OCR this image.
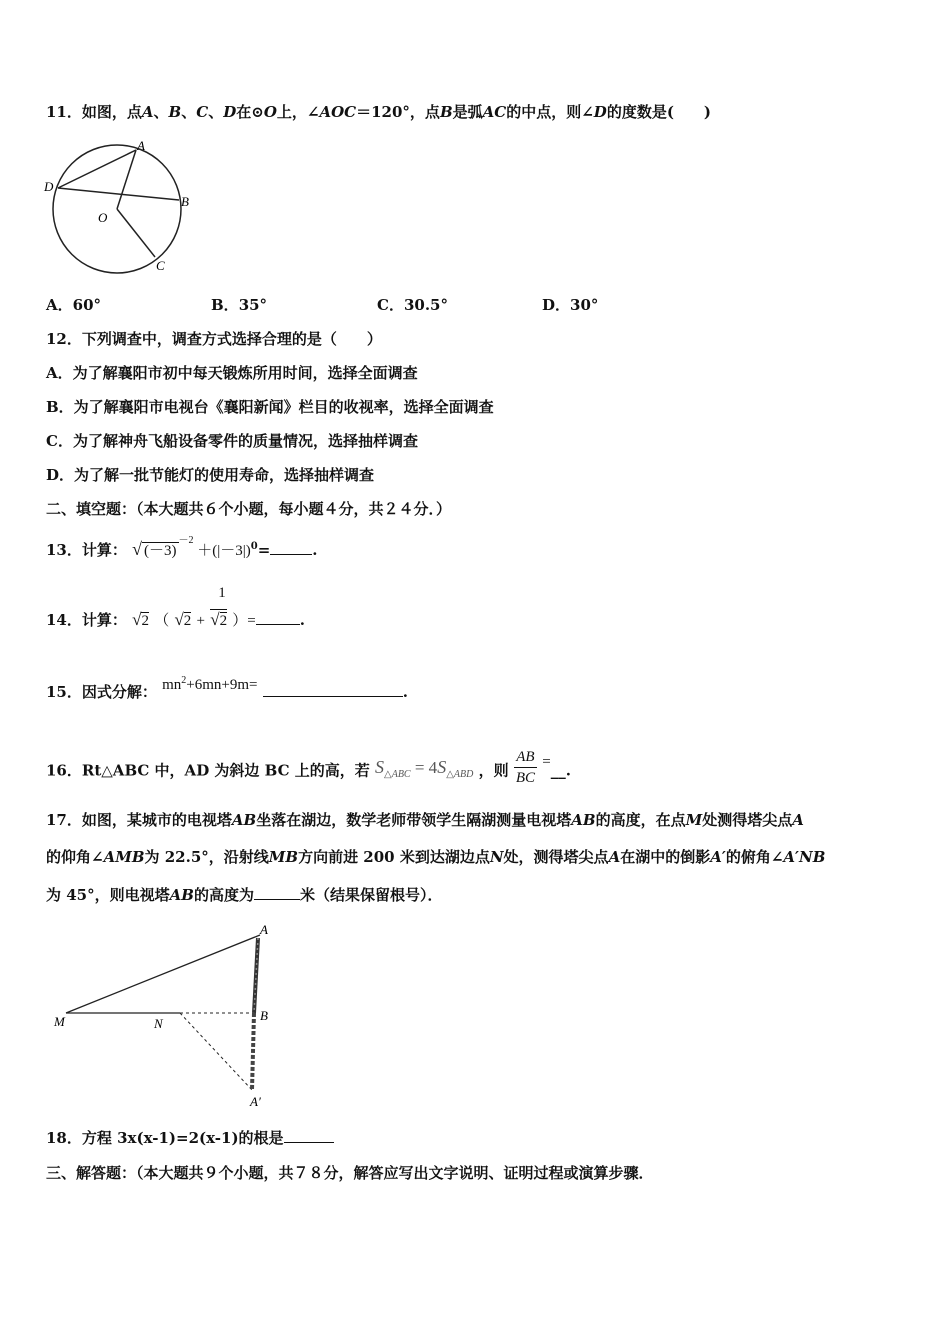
11．如图，点A、B、C、D在⊙O上，∠AOC＝120°，点B是弧AC的中点，则∠D的度数是(　　)
A
D
B
O
C
A．60°	B．35°	C．30.5°	D．30°
12．下列调查中，调查方式选择合理的是（　　）
A．为了解襄阳市初中每天锻炼所用时间，选择全面调查
B．为了解襄阳市电视台《襄阳新闻》栏目的收视率，选择全面调查
C．为了解神舟飞船设备零件的质量情况，选择抽样调查
D．为了解一批节能灯的使用寿命，选择抽样调查
二、填空题：（本大题共６个小题，每小题４分，共２４分．）
13．计算： √ $(-3)^{-2} +(|-3|)^0=$	.
14．计算： √2 （ $√2 + \frac{1}{√2}$ ）=	.
15．因式分解： $mn^2+6mn+9m=$	.
16．Rt△ABC 中，AD 为斜边 BC 上的高，若 $S_{\triangle ABC} = 4S_{\triangle ABD}$ ，则 $\frac{AB}{BC}$ =__.
17．如图，某城市的电视塔AB坐落在湖边，数学老师带领学生隔湖测量电视塔AB的高度，在点M处测得塔尖点A
的仰角∠AMB为 22.5°，沿射线MB方向前进 200 米到达湖边点N处，测得塔尖点A在湖中的倒影A′的俯角∠A′NB
为 45°，则电视塔AB的高度为	米（结果保留根号）．
A
M	N
B
A′
18．方程 3x(x-1)=2(x-1)的根是
三、解答题：（本大题共９个小题，共７８分，解答应写出文字说明、证明过程或演算步骤．
